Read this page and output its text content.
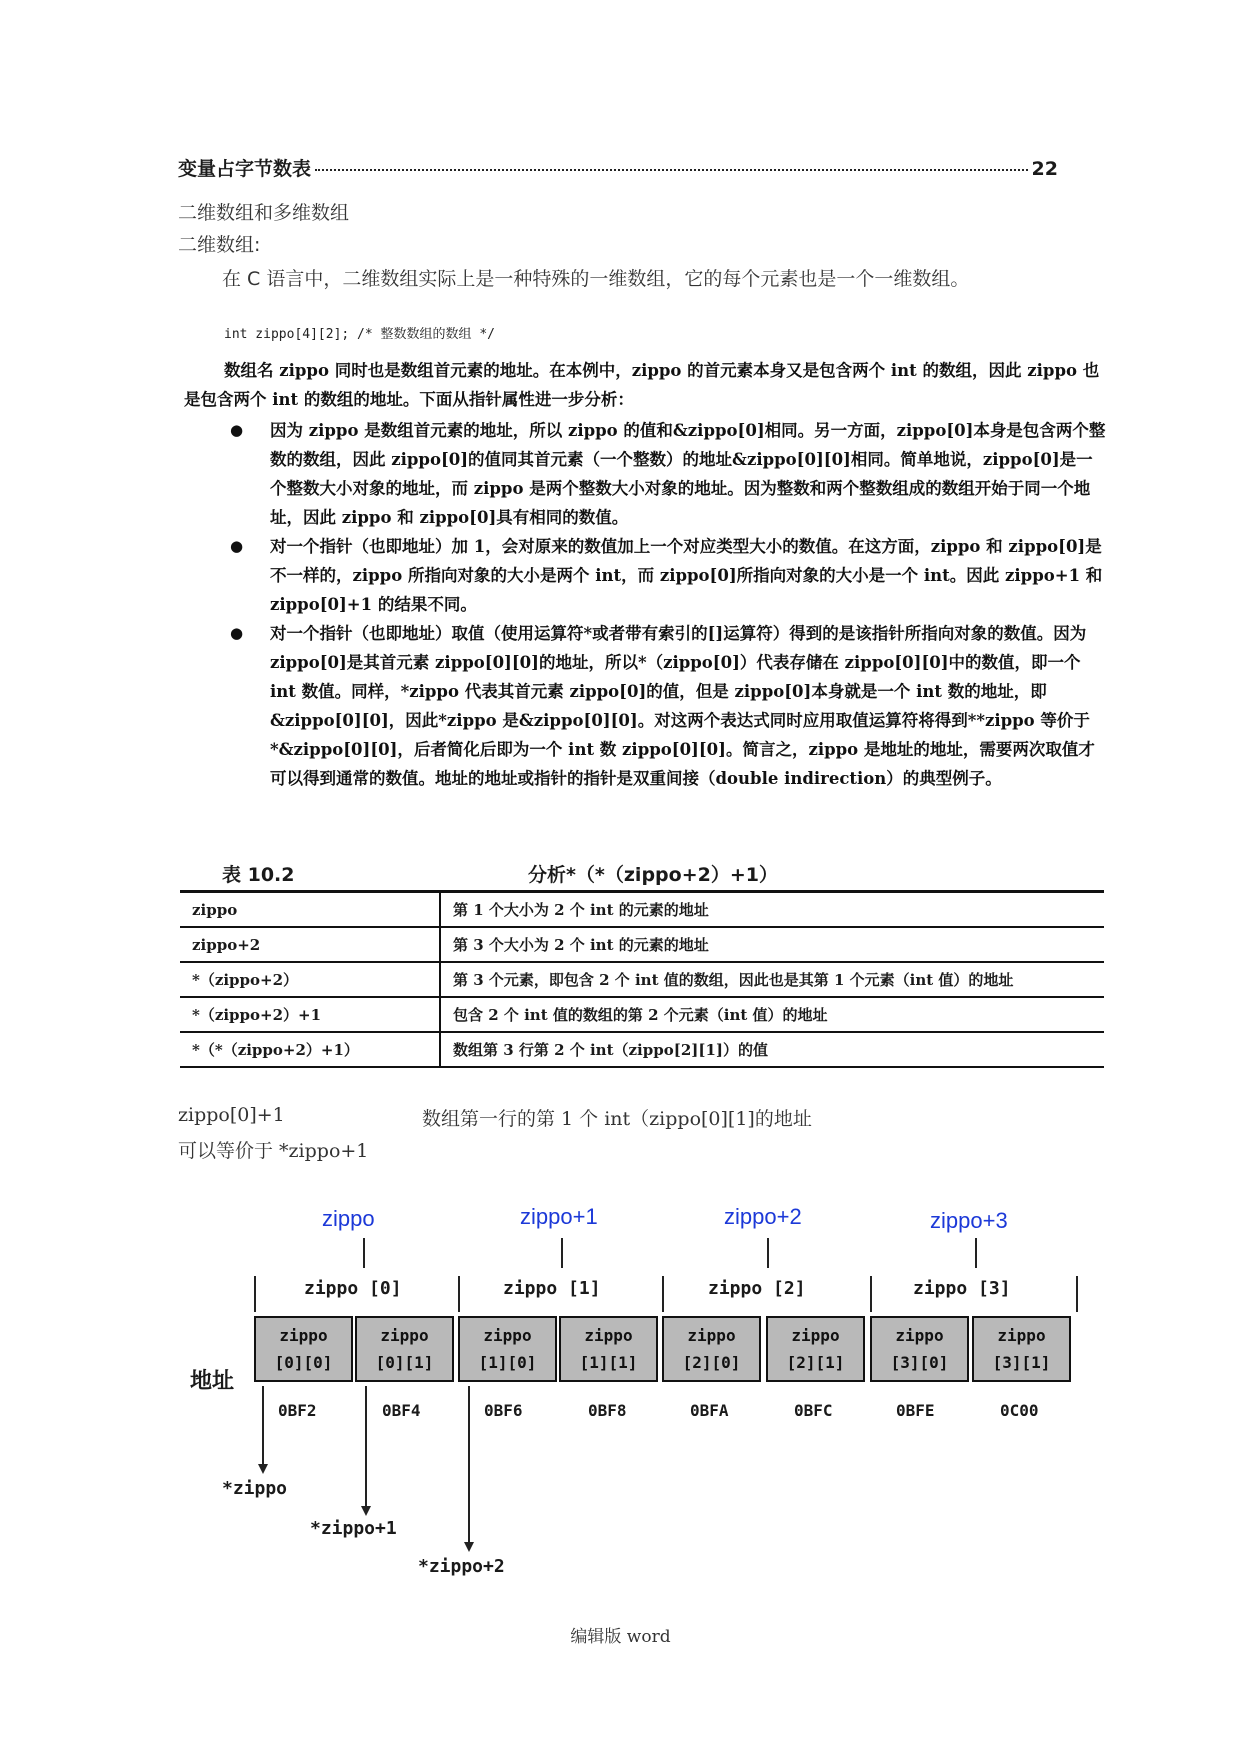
变量占字节数表	22
二维数组和多维数组
二维数组:
在 C 语言中，二维数组实际上是一种特殊的一维数组，它的每个元素也是一个一维数组。
int zippo[4][2]; /* 整数数组的数组 */
数组名 zippo 同时也是数组首元素的地址。在本例中，zippo 的首元素本身又是包含两个 int 的数组，因此 zippo 也是包含两个 int 的数组的地址。下面从指针属性进一步分析：
● 因为 zippo 是数组首元素的地址，所以 zippo 的值和&zippo[0]相同。另一方面，zippo[0]本身是包含两个整数的数组，因此 zippo[0]的值同其首元素（一个整数）的地址&zippo[0][0]相同。简单地说，zippo[0]是一个整数大小对象的地址，而 zippo 是两个整数大小对象的地址。因为整数和两个整数组成的数组开始于同一个地址，因此 zippo 和 zippo[0]具有相同的数值。
● 对一个指针（也即地址）加 1，会对原来的数值加上一个对应类型大小的数值。在这方面，zippo 和 zippo[0]是不一样的，zippo 所指向对象的大小是两个 int，而 zippo[0]所指向对象的大小是一个 int。因此 zippo+1 和 zippo[0]+1 的结果不同。
● 对一个指针（也即地址）取值（使用运算符*或者带有索引的[]运算符）得到的是该指针所指向对象的数值。因为 zippo[0]是其首元素 zippo[0][0]的地址，所以*（zippo[0]）代表存储在 zippo[0][0]中的数值，即一个 int 数值。同样，*zippo 代表其首元素 zippo[0]的值，但是 zippo[0]本身就是一个 int 数的地址，即&zippo[0][0]，因此*zippo 是&zippo[0][0]。对这两个表达式同时应用取值运算符将得到**zippo 等价于*&zippo[0][0]，后者简化后即为一个 int 数 zippo[0][0]。简言之，zippo 是地址的地址，需要两次取值才可以得到通常的数值。地址的地址或指针的指针是双重间接（double indirection）的典型例子。
表 10.2	分析*（*（zippo+2）+1）
zippo	第 1 个大小为 2 个 int 的元素的地址
zippo+2	第 3 个大小为 2 个 int 的元素的地址
*（zippo+2）	第 3 个元素，即包含 2 个 int 值的数组，因此也是其第 1 个元素（int 值）的地址
*（zippo+2）+1	包含 2 个 int 值的数组的第 2 个元素（int 值）的地址
*（*（zippo+2）+1）	数组第 3 行第 2 个 int（zippo[2][1]）的值
zippo[0]+1	数组第一行的第 1 个 int（zippo[0][1]的地址
可以等价于 *zippo+1
zippo	zippo+1	zippo+2	zippo+3
zippo [0]	zippo [1]	zippo [2]	zippo [3]
地址
zippo
[0][0]
zippo
[0][1]
zippo
[1][0]
zippo
[1][1]
zippo
[2][0]
zippo
[2][1]
zippo
[3][0]
zippo
[3][1]
0BF2	0BF4	0BF6	0BF8	0BFA	0BFC	0BFE	0C00
*zippo
*zippo+1
*zippo+2
编辑版 word
